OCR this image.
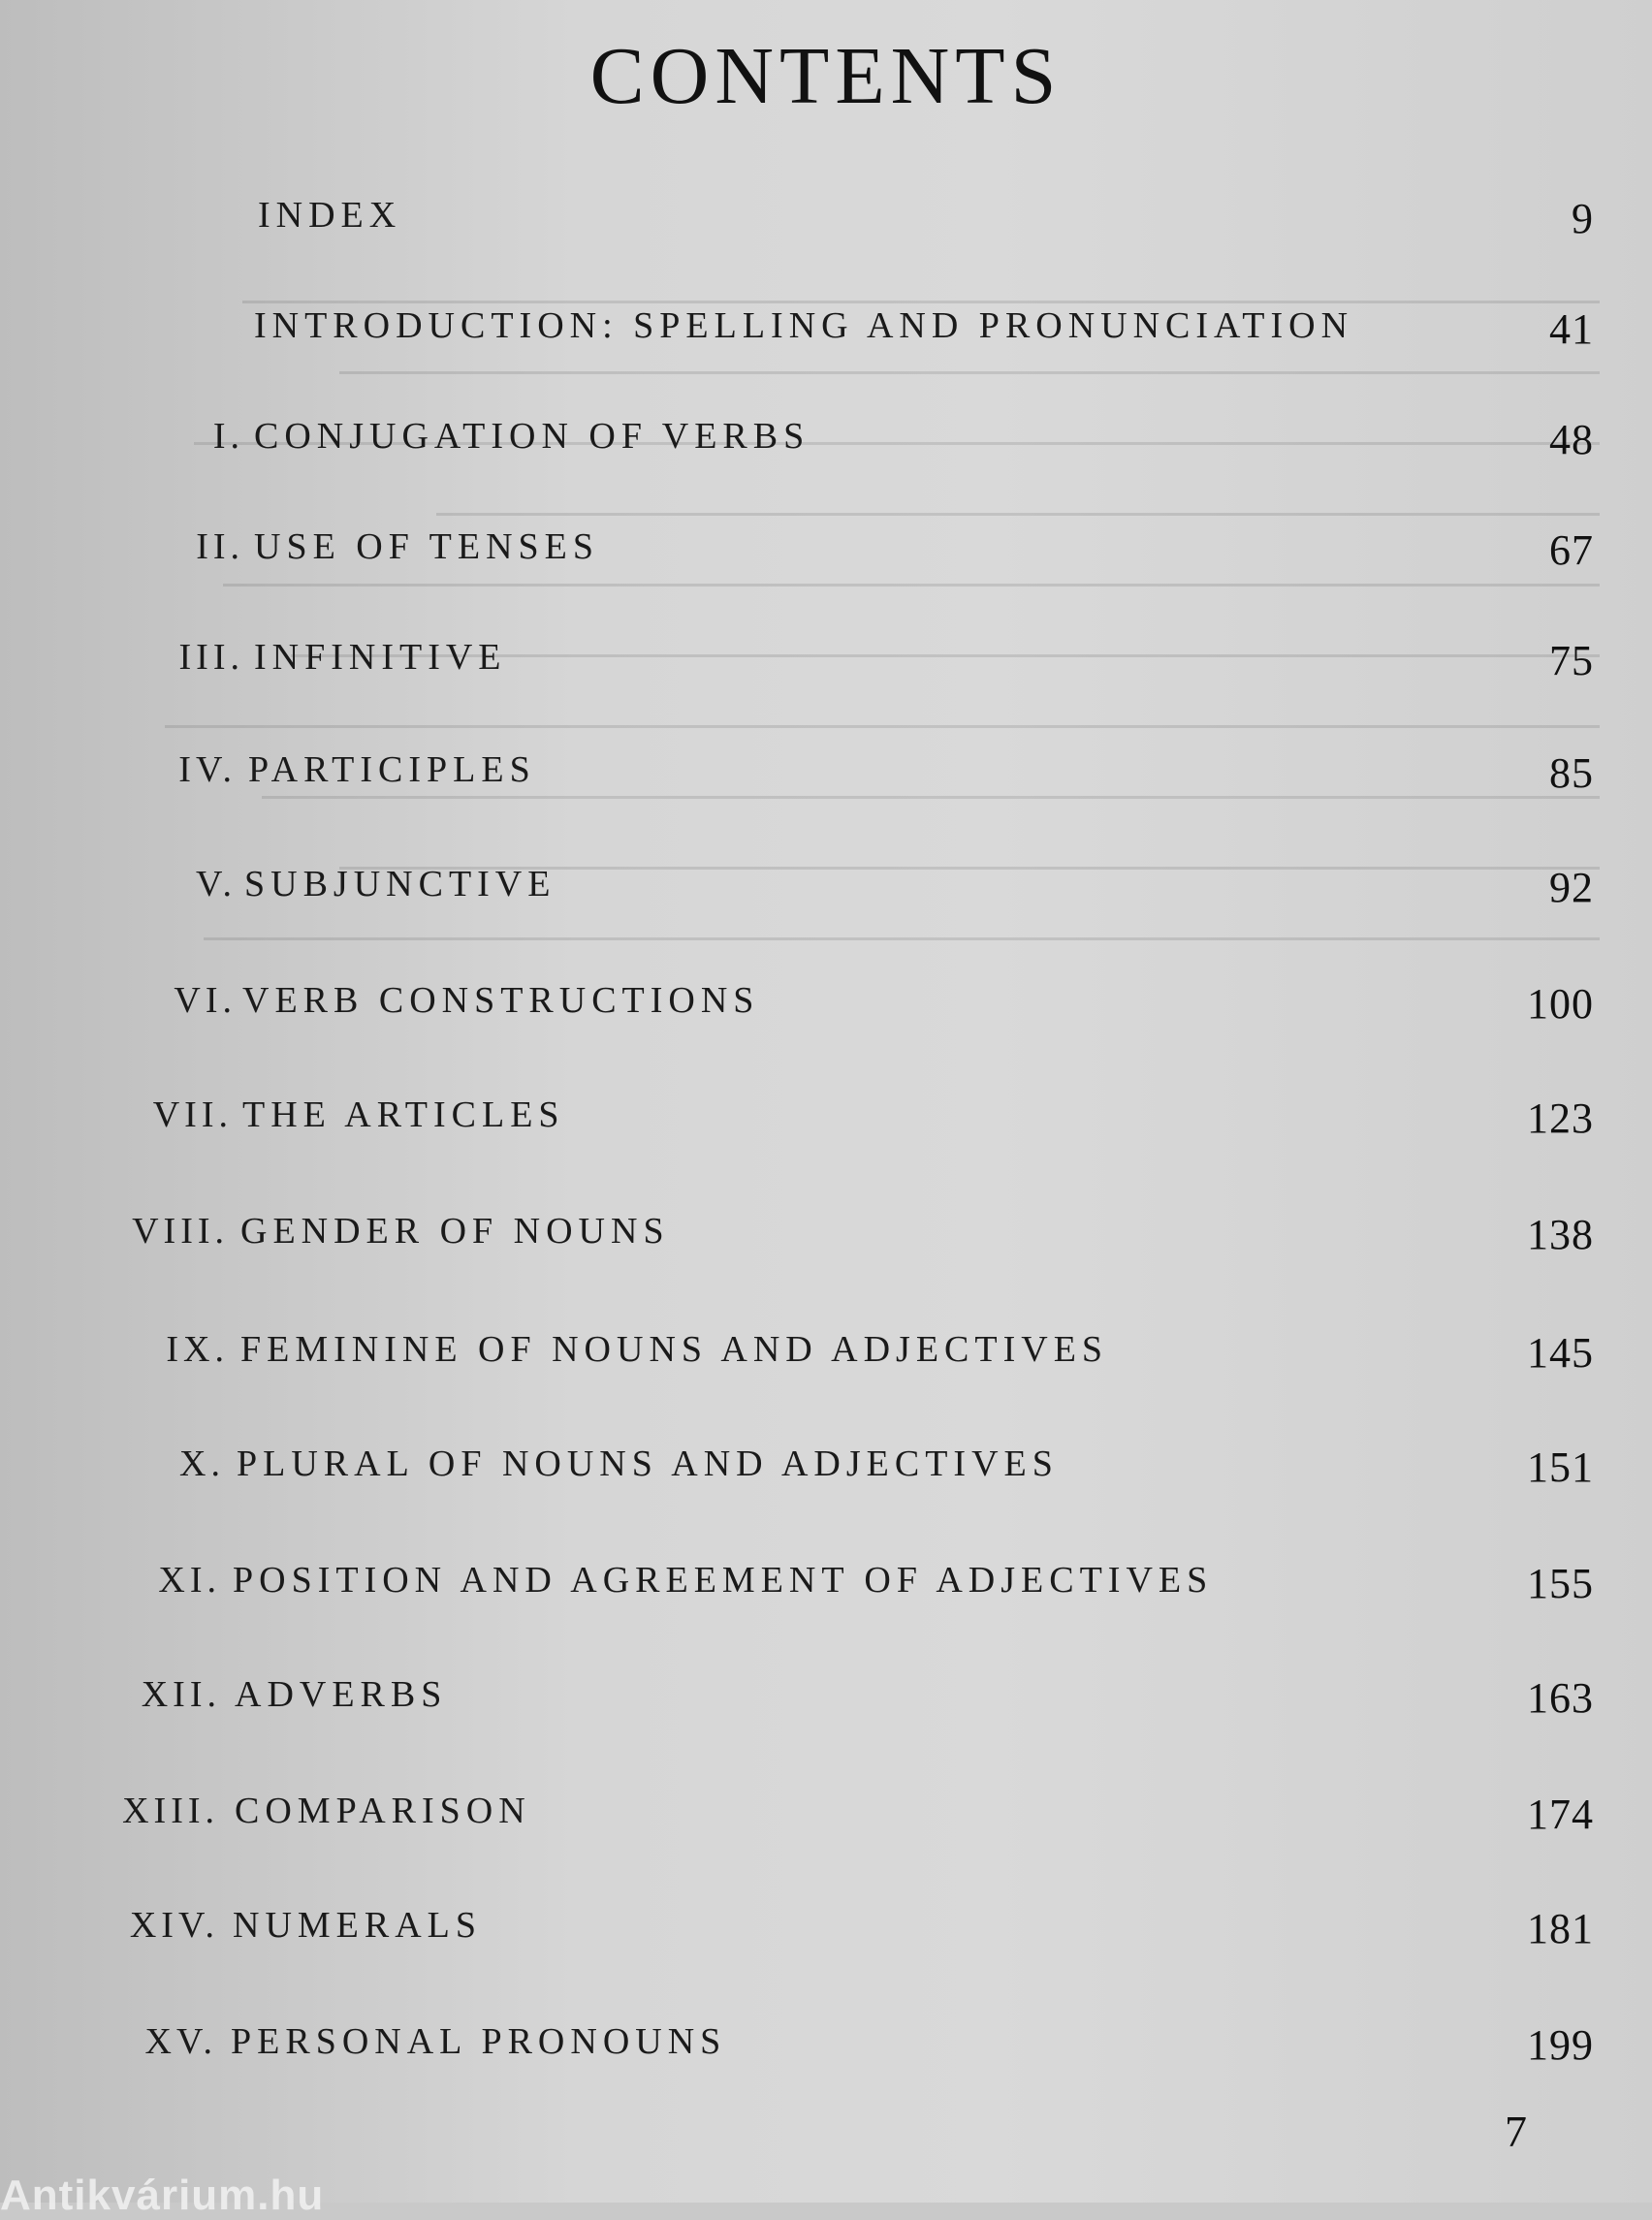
CONTENTS
INDEX	9
INTRODUCTION: SPELLING AND PRONUNCIATION	41
I. CONJUGATION OF VERBS	48
II. USE OF TENSES	67
III. INFINITIVE	75
IV. PARTICIPLES	85
V. SUBJUNCTIVE	92
VI. VERB CONSTRUCTIONS	100
VII. THE ARTICLES	123
VIII. GENDER OF NOUNS	138
IX. FEMININE OF NOUNS AND ADJECTIVES	145
X. PLURAL OF NOUNS AND ADJECTIVES	151
XI. POSITION AND AGREEMENT OF ADJECTIVES	155
XII. ADVERBS	163
XIII. COMPARISON	174
XIV. NUMERALS	181
XV. PERSONAL PRONOUNS	199
7
Antikvárium.hu
